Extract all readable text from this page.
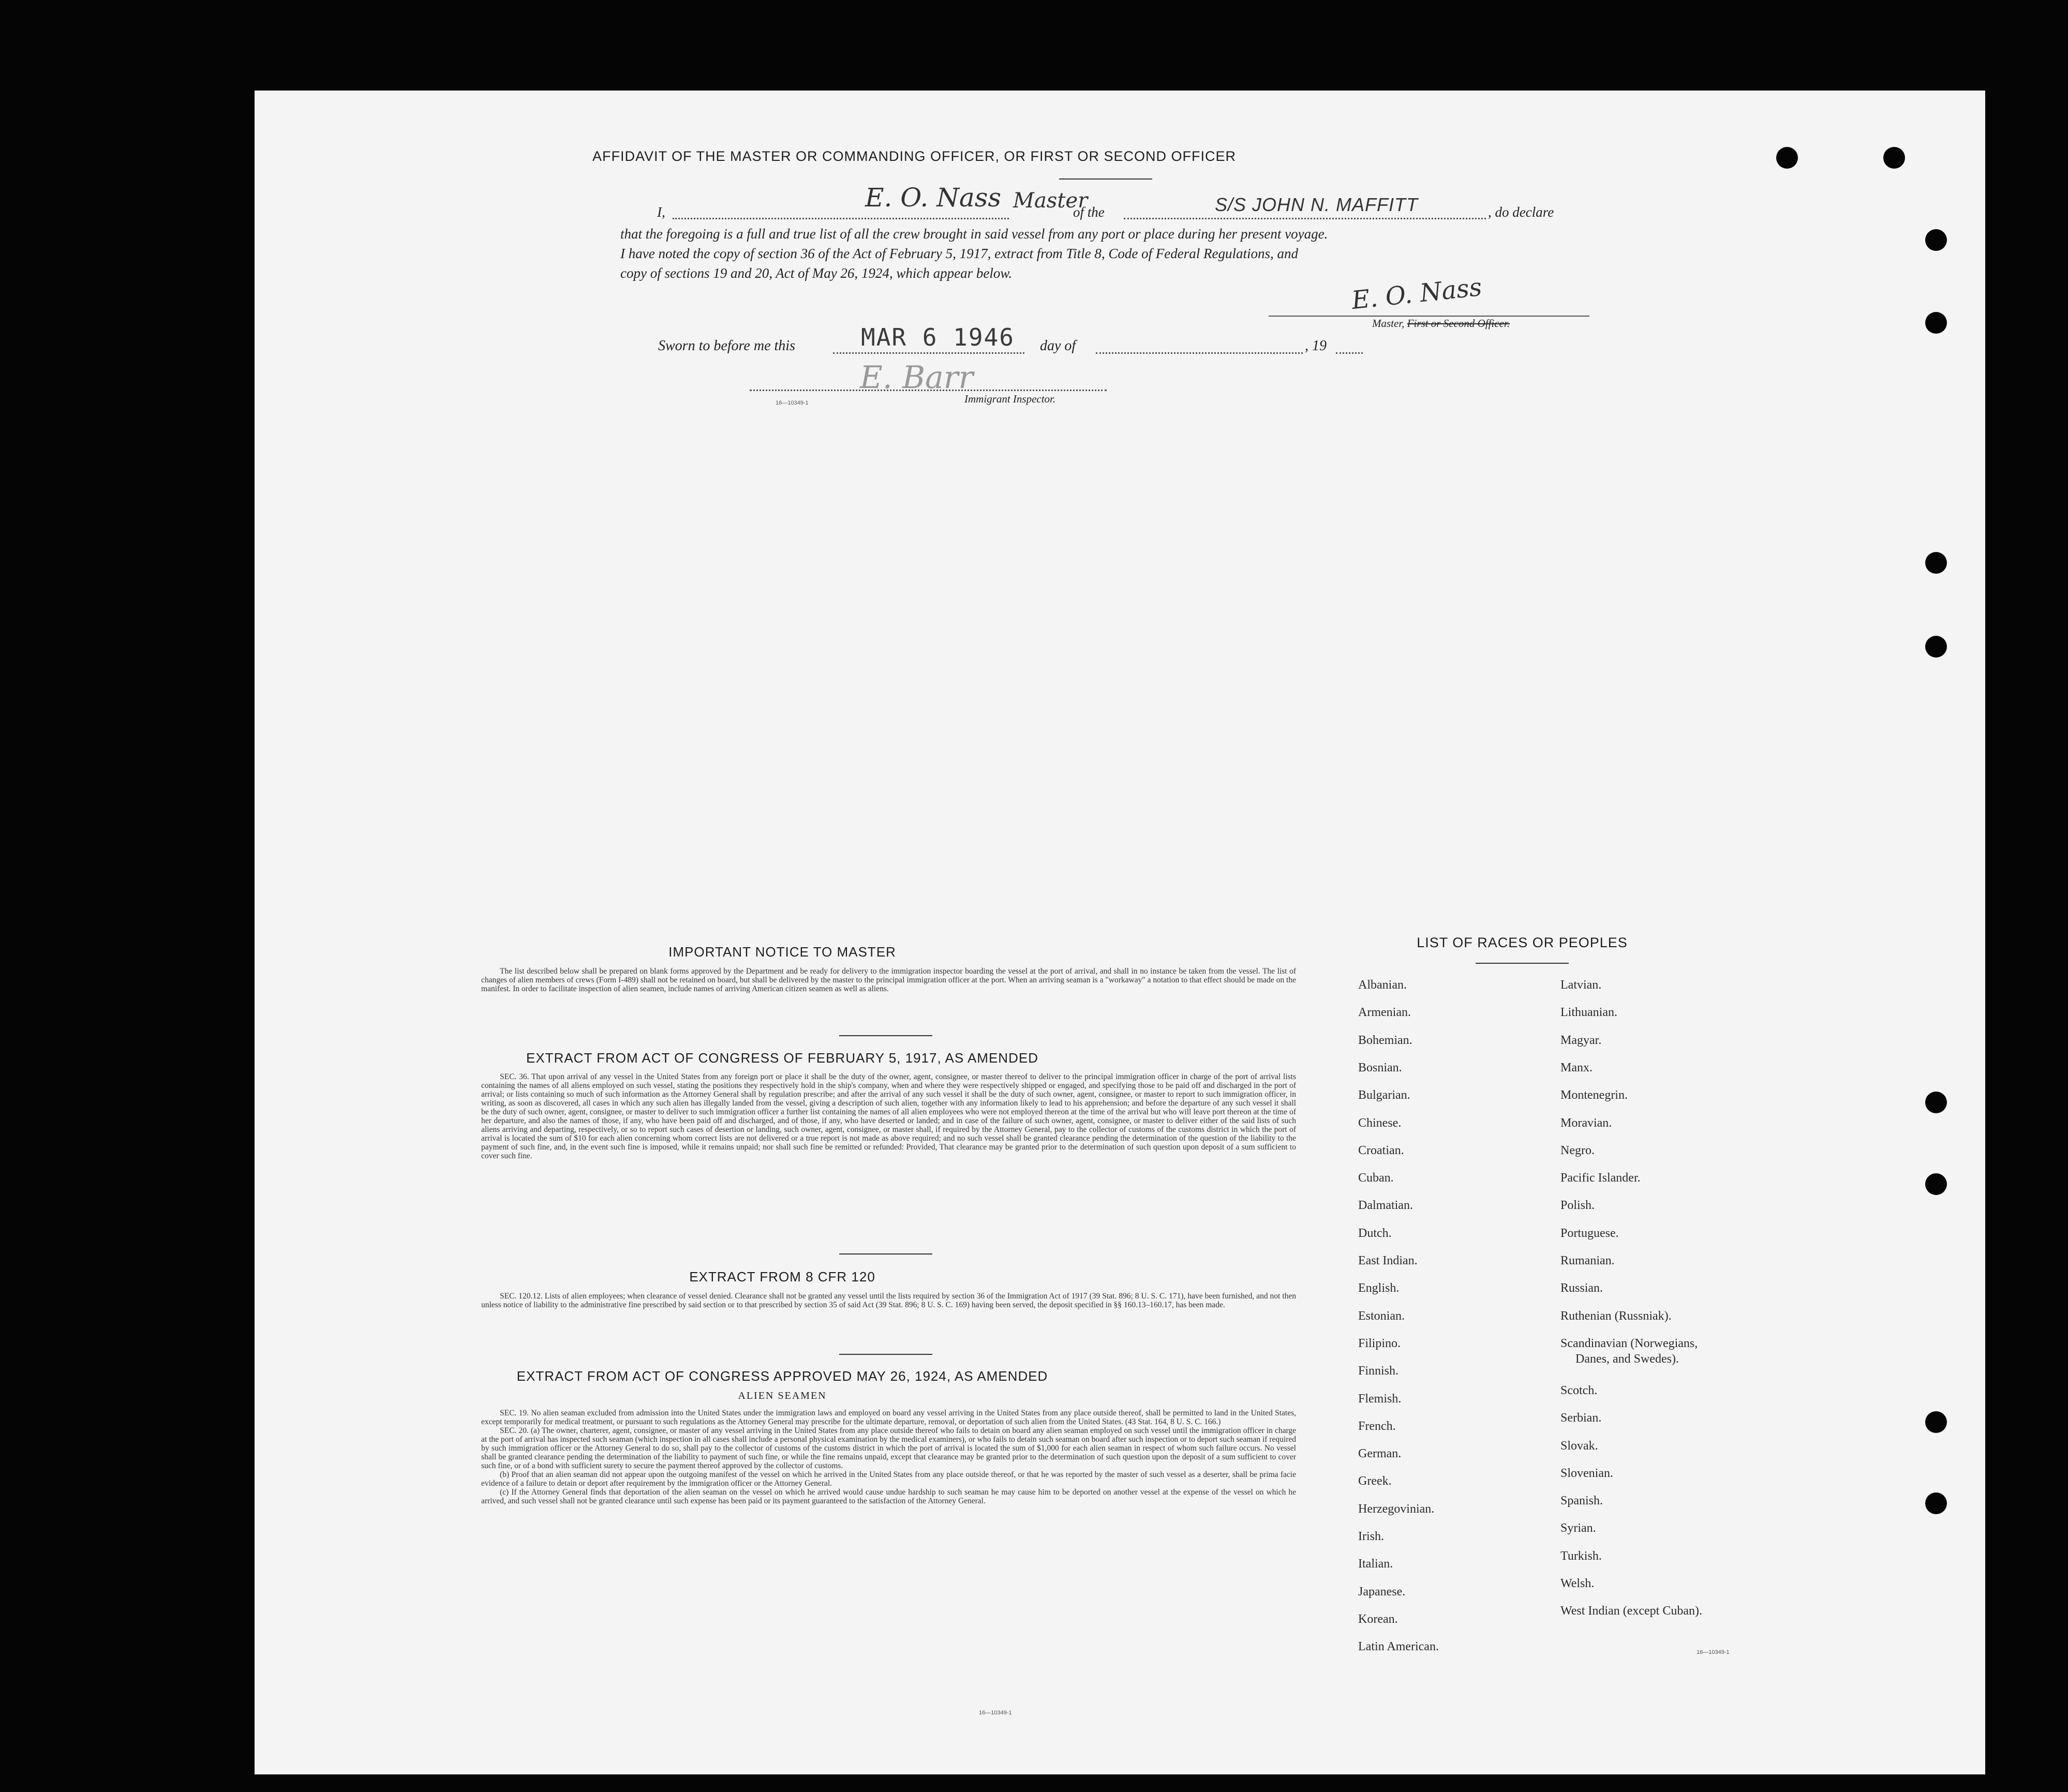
AFFIDAVIT OF THE MASTER OR COMMANDING OFFICER, OR FIRST OR SECOND OFFICER
I,	E. O. Nass Master
of the	S/S JOHN N. MAFFITT	, do declare
that the foregoing is a full and true list of all the crew brought in said vessel from any port or place during her present voyage.
I have noted the copy of section 36 of the Act of February 5, 1917, extract from Title 8, Code of Federal Regulations, and
copy of sections 19 and 20, Act of May 26, 1924, which appear below.	E. O. Nass
Master, First or Second Officer.
Sworn to before me this	MAR 6 1946 day of	, 19
E. Barr
Immigrant Inspector.
16—10349-1
IMPORTANT NOTICE TO MASTER

The list described below shall be prepared on blank forms approved by the Department and be ready for delivery to the immigration inspector boarding the vessel at the port of arrival, and shall in no instance be taken from the vessel. The list of changes of alien members of crews (Form I-489) shall not be retained on board, but shall be delivered by the master to the principal immigration officer at the port. When an arriving seaman is a "workaway" a notation to that effect should be made on the manifest. In order to facilitate inspection of alien seamen, include names of arriving American citizen seamen as well as aliens.

EXTRACT FROM ACT OF CONGRESS OF FEBRUARY 5, 1917, AS AMENDED

SEC. 36. That upon arrival of any vessel in the United States from any foreign port or place it shall be the duty of the owner, agent, consignee, or master thereof to deliver to the principal immigration officer in charge of the port of arrival lists containing the names of all aliens employed on such vessel, stating the positions they respectively hold in the ship's company, when and where they were respectively shipped or engaged, and specifying those to be paid off and discharged in the port of arrival; or lists containing so much of such information as the Attorney General shall by regulation prescribe; and after the arrival of any such vessel it shall be the duty of such owner, agent, consignee, or master to report to such immigration officer, in writing, as soon as discovered, all cases in which any such alien has illegally landed from the vessel, giving a description of such alien, together with any information likely to lead to his apprehension; and before the departure of any such vessel it shall be the duty of such owner, agent, consignee, or master to deliver to such immigration officer a further list containing the names of all alien employees who were not employed thereon at the time of the arrival but who will leave port thereon at the time of her departure, and also the names of those, if any, who have been paid off and discharged, and of those, if any, who have deserted or landed; and in case of the failure of such owner, agent, consignee, or master to deliver either of the said lists of such aliens arriving and departing, respectively, or so to report such cases of desertion or landing, such owner, agent, consignee, or master shall, if required by the Attorney General, pay to the collector of customs of the customs district in which the port of arrival is located the sum of $10 for each alien concerning whom correct lists are not delivered or a true report is not made as above required; and no such vessel shall be granted clearance pending the determination of the question of the liability to the payment of such fine, and, in the event such fine is imposed, while it remains unpaid; nor shall such fine be remitted or refunded: Provided, That clearance may be granted prior to the determination of such question upon deposit of a sum sufficient to cover such fine.

EXTRACT FROM 8 CFR 120

SEC. 120.12. Lists of alien employees; when clearance of vessel denied. Clearance shall not be granted any vessel until the lists required by section 36 of the Immigration Act of 1917 (39 Stat. 896; 8 U. S. C. 171), have been furnished, and not then unless notice of liability to the administrative fine prescribed by said section or to that prescribed by section 35 of said Act (39 Stat. 896; 8 U. S. C. 169) having been served, the deposit specified in §§ 160.13–160.17, has been made.

EXTRACT FROM ACT OF CONGRESS APPROVED MAY 26, 1924, AS AMENDED
ALIEN SEAMEN

SEC. 19. No alien seaman excluded from admission into the United States under the immigration laws and employed on board any vessel arriving in the United States from any place outside thereof, shall be permitted to land in the United States, except temporarily for medical treatment, or pursuant to such regulations as the Attorney General may prescribe for the ultimate departure, removal, or deportation of such alien from the United States. (43 Stat. 164, 8 U. S. C. 166.)

SEC. 20. (a) The owner, charterer, agent, consignee, or master of any vessel arriving in the United States from any place outside thereof who fails to detain on board any alien seaman employed on such vessel until the immigration officer in charge at the port of arrival has inspected such seaman (which inspection in all cases shall include a personal physical examination by the medical examiners), or who fails to detain such seaman on board after such inspection or to deport such seaman if required by such immigration officer or the Attorney General to do so, shall pay to the collector of customs of the customs district in which the port of arrival is located the sum of $1,000 for each alien seaman in respect of whom such failure occurs. No vessel shall be granted clearance pending the determination of the liability to payment of such fine, or while the fine remains unpaid, except that clearance may be granted prior to the determination of such question upon the deposit of a sum sufficient to cover such fine, or of a bond with sufficient surety to secure the payment thereof approved by the collector of customs.

(b) Proof that an alien seaman did not appear upon the outgoing manifest of the vessel on which he arrived in the United States from any place outside thereof, or that he was reported by the master of such vessel as a deserter, shall be prima facie evidence of a failure to detain or deport after requirement by the immigration officer or the Attorney General.

(c) If the Attorney General finds that deportation of the alien seaman on the vessel on which he arrived would cause undue hardship to such seaman he may cause him to be deported on another vessel at the expense of the vessel on which he arrived, and such vessel shall not be granted clearance until such expense has been paid or its payment guaranteed to the satisfaction of the Attorney General.

16—10349-1
LIST OF RACES OR PEOPLES
Albanian.
Armenian.
Bohemian.
Bosnian.
Bulgarian.
Chinese.
Croatian.
Cuban.
Dalmatian.
Dutch.
East Indian.
English.
Estonian.
Filipino.
Finnish.
Flemish.
French.
German.
Greek.
Herzegovinian.
Irish.
Italian.
Japanese.
Korean.
Latin American.
Latvian.
Lithuanian.
Magyar.
Manx.
Montenegrin.
Moravian.
Negro.
Pacific Islander.
Polish.
Portuguese.
Rumanian.
Russian.
Ruthenian (Russniak).
Scandinavian (Norwegians,
Danes, and Swedes).
Scotch.
Serbian.
Slovak.
Slovenian.
Spanish.
Syrian.
Turkish.
Welsh.
West Indian (except Cuban).
16—10349-1
